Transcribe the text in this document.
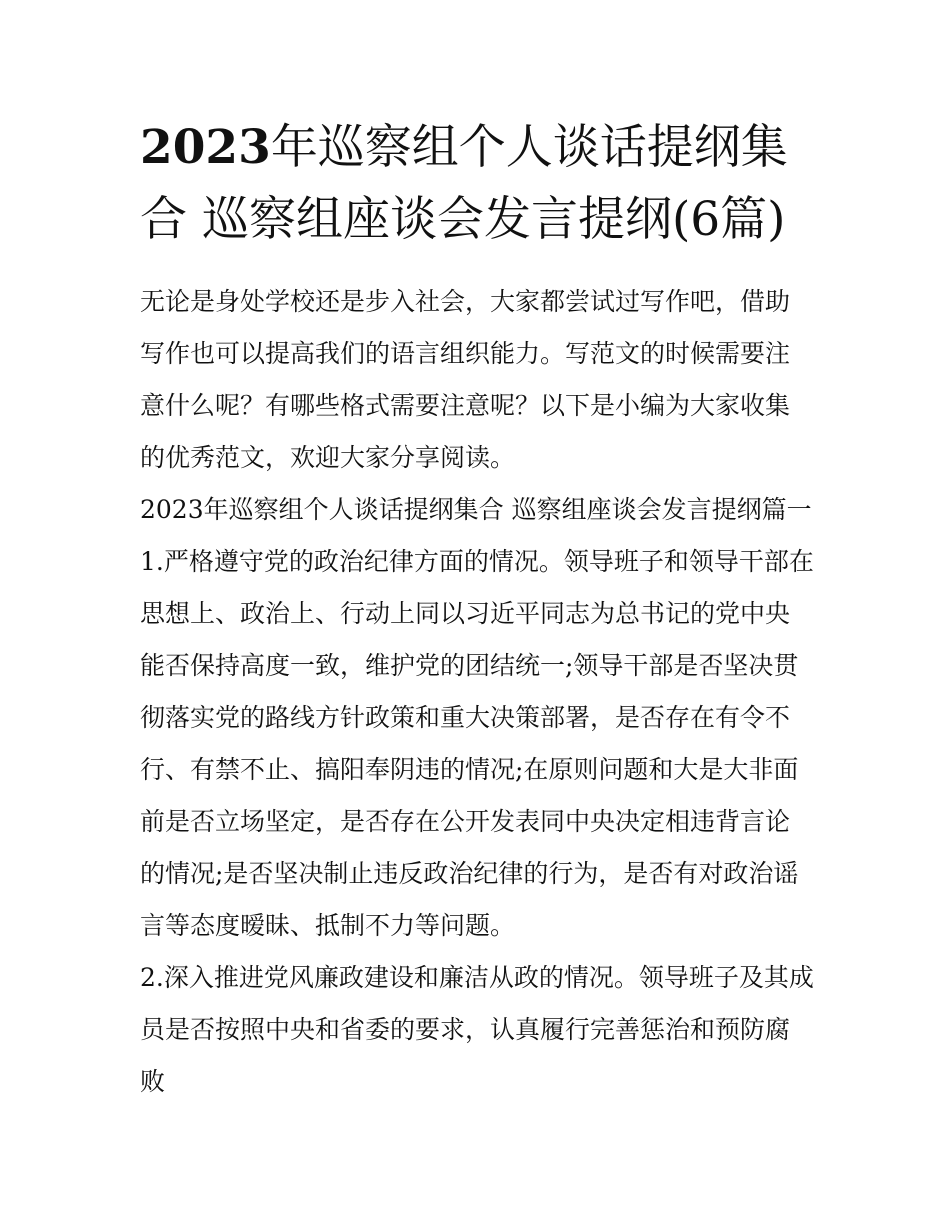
2023年巡察组个人谈话提纲集合 巡察组座谈会发言提纲(6篇)

无论是身处学校还是步入社会，大家都尝试过写作吧，借助写作也可以提高我们的语言组织能力。写范文的时候需要注意什么呢？有哪些格式需要注意呢？以下是小编为大家收集的优秀范文，欢迎大家分享阅读。

2023年巡察组个人谈话提纲集合 巡察组座谈会发言提纲篇一

1.严格遵守党的政治纪律方面的情况。领导班子和领导干部在思想上、政治上、行动上同以习近平同志为总书记的党中央能否保持高度一致，维护党的团结统一;领导干部是否坚决贯彻落实党的路线方针政策和重大决策部署，是否存在有令不行、有禁不止、搞阳奉阴违的情况;在原则问题和大是大非面前是否立场坚定，是否存在公开发表同中央决定相违背言论的情况;是否坚决制止违反政治纪律的行为，是否有对政治谣言等态度暧昧、抵制不力等问题。

2.深入推进党风廉政建设和廉洁从政的情况。领导班子及其成员是否按照中央和省委的要求，认真履行完善惩治和预防腐败
